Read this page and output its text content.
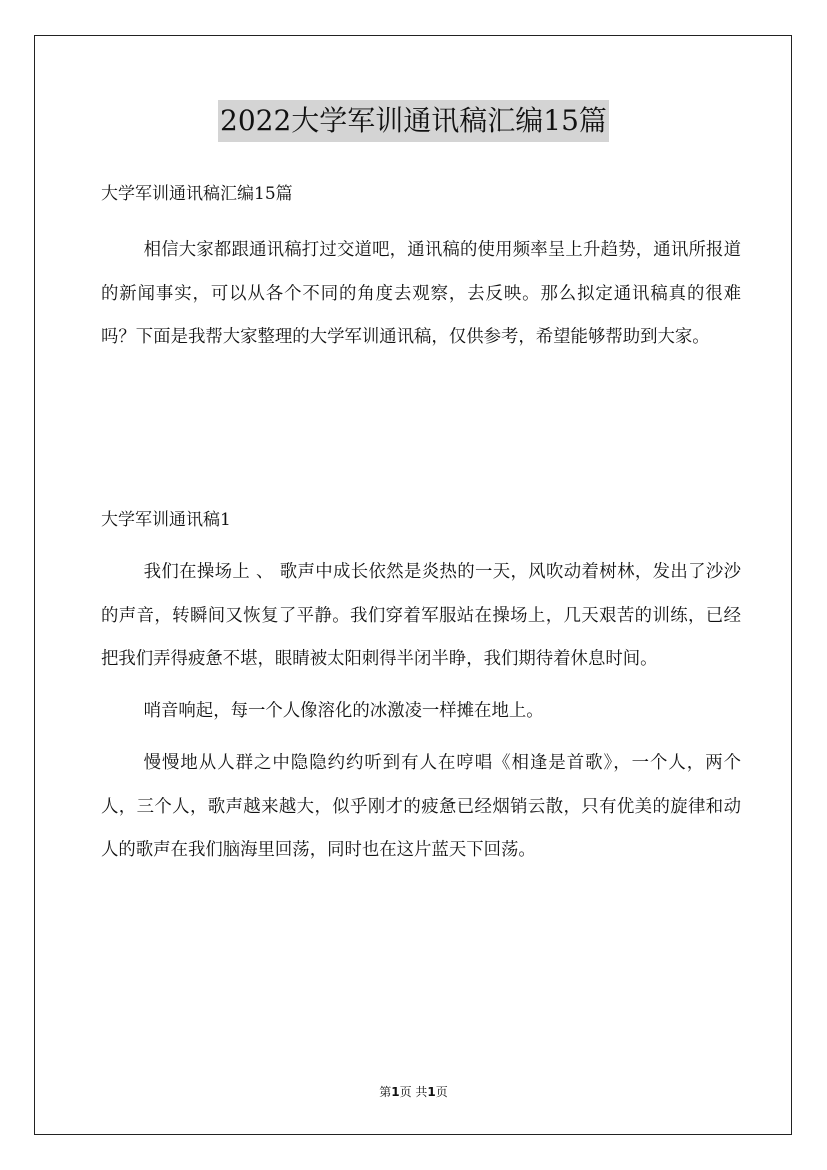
2022大学军训通讯稿汇编15篇
大学军训通讯稿汇编15篇

相信大家都跟通讯稿打过交道吧，通讯稿的使用频率呈上升趋势，通讯所报道的新闻事实，可以从各个不同的角度去观察，去反映。那么拟定通讯稿真的很难吗？下面是我帮大家整理的大学军训通讯稿，仅供参考，希望能够帮助到大家。

大学军训通讯稿1

我们在操场上 、 歌声中成长依然是炎热的一天，风吹动着树林，发出了沙沙的声音，转瞬间又恢复了平静。我们穿着军服站在操场上，几天艰苦的训练，已经把我们弄得疲惫不堪，眼睛被太阳刺得半闭半睁，我们期待着休息时间。

哨音响起，每一个人像溶化的冰激凌一样摊在地上。

慢慢地从人群之中隐隐约约听到有人在哼唱《相逢是首歌》，一个人，两个人，三个人，歌声越来越大，似乎刚才的疲惫已经烟销云散，只有优美的旋律和动人的歌声在我们脑海里回荡，同时也在这片蓝天下回荡。

第1页 共1页
